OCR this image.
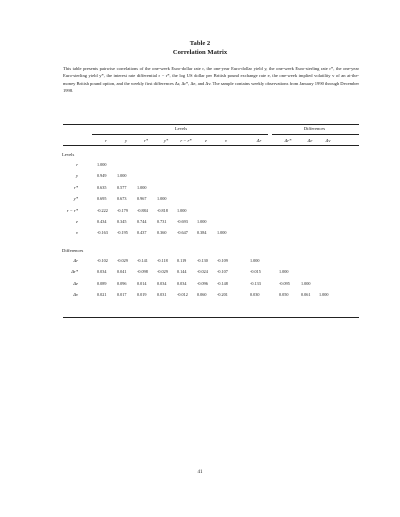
Table 2
Correlation Matrix
This table presents pairwise correlations of the one-week Euro-dollar rate r, the one-year Euro-dollar yield y, the one-week Euro-sterling rate r*, the one-year Euro-sterling yield y*, the interest rate differential r − r*, the log US dollar per British pound exchange rate e, the one-week implied volatility v of an at-the-money British pound option, and the weekly first differences Δr, Δr*, Δe, and Δv. The sample contains weekly observations from January 1990 through December 1998.
Levels	Differences
r	y	r*	y*	r − r*	e	v	Δr	Δr*	Δe	Δv
Levels
r	1.000
y	0.949	1.000
r*	0.635	0.577	1.000
y*	0.695	0.673	0.967	1.000
r − r*	-0.222 -0.179 -0.884 -0.818 1.000
e	0.434	0.345	0.744	0.731	-0.693 1.000
v	-0.163 -0.195 0.437	0.360	-0.647 0.384	1.000
Differences
Δr	-0.102 -0.029 -0.141 -0.118 0.119	-0.130 -0.109	1.000
Δr*	0.034	0.041	-0.098 -0.029 0.144	-0.024 -0.107	-0.015	1.000
Δe	0.089	0.096	0.014	0.034	0.034	-0.096 -0.148	-0.133	-0.095	1.000
Δv	0.021	0.017	0.019	0.031	-0.012 0.060	-0.201	0.030	0.050	0.061 1.000
41
